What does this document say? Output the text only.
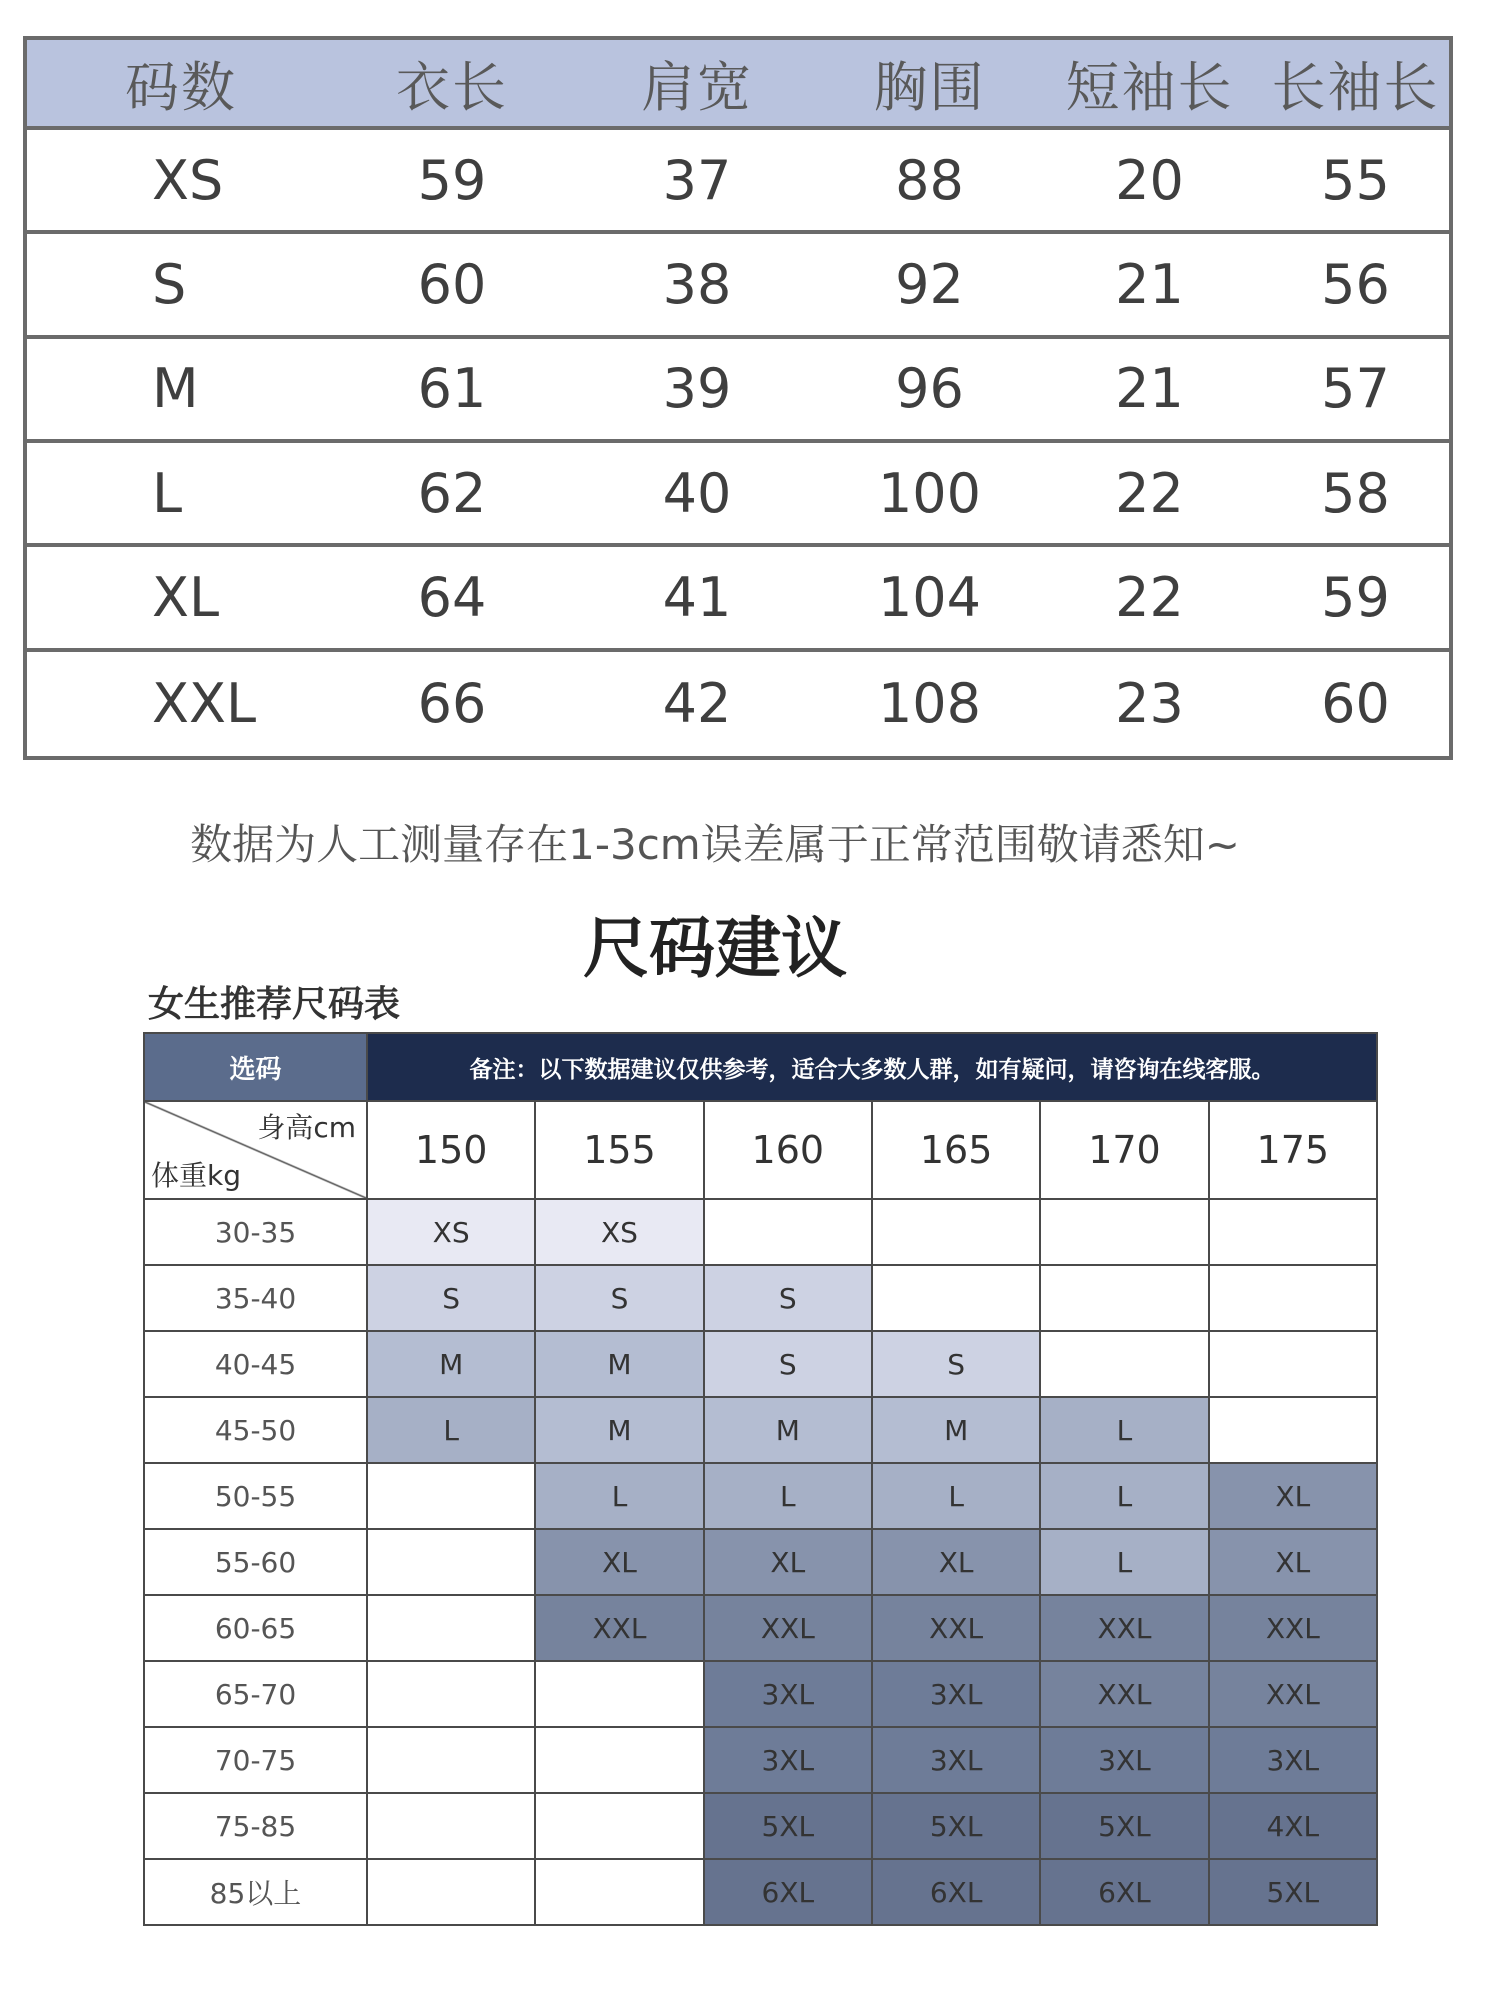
码数	衣长	肩宽	胸围	短袖长 长袖长
XS	59	37	88	20	55
S	60	38	92	21	56
M	61	39	96	21	57
L	62	40	100	22	58
XL	64	41	104	22	59
XXL	66	42	108	23	60
数据为人工测量存在1-3cm误差属于正常范围敬请悉知~
尺码建议
女生推荐尺码表
选码	备注：以下数据建议仅供参考，适合大多数人群，如有疑问，请咨询在线客服。					

身高cm
体重kg	150	155	160	165	170	175
30-35	XS	XS				
35-40	S	S	S			
40-45	M	M	S	S		
45-50	L	M	M	M	L	
50-55		L	L	L	L	XL
55-60		XL	XL	XL	L	XL
60-65		XXL	XXL	XXL	XXL	XXL
65-70			3XL	3XL	XXL	XXL
70-75			3XL	3XL	3XL	3XL
75-85			5XL	5XL	5XL	4XL
85以上			6XL	6XL	6XL	5XL
